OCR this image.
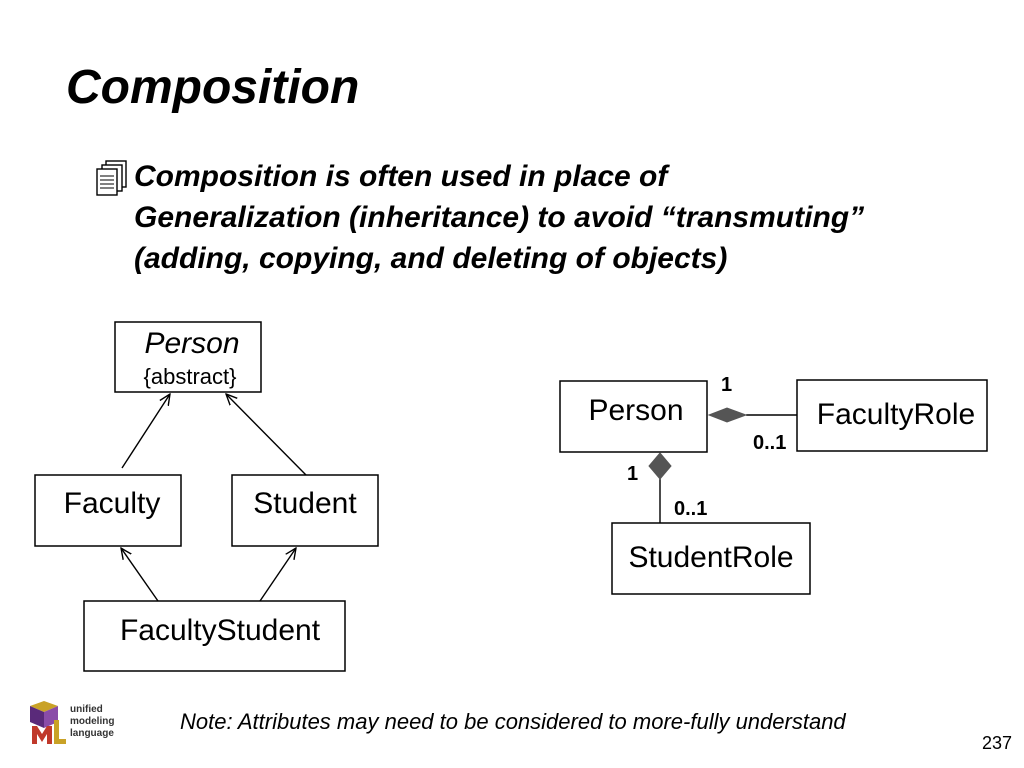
Composition
Composition is often used in place of
Generalization (inheritance) to avoid “transmuting”
(adding, copying, and deleting of objects)
Person
{abstract}
Faculty	Student
FacultyStudent
Person	FacultyRole
StudentRole
1
0..1
1
0..1
unified
modeling
language	Note: Attributes may need to be considered to more-fully understand
237
